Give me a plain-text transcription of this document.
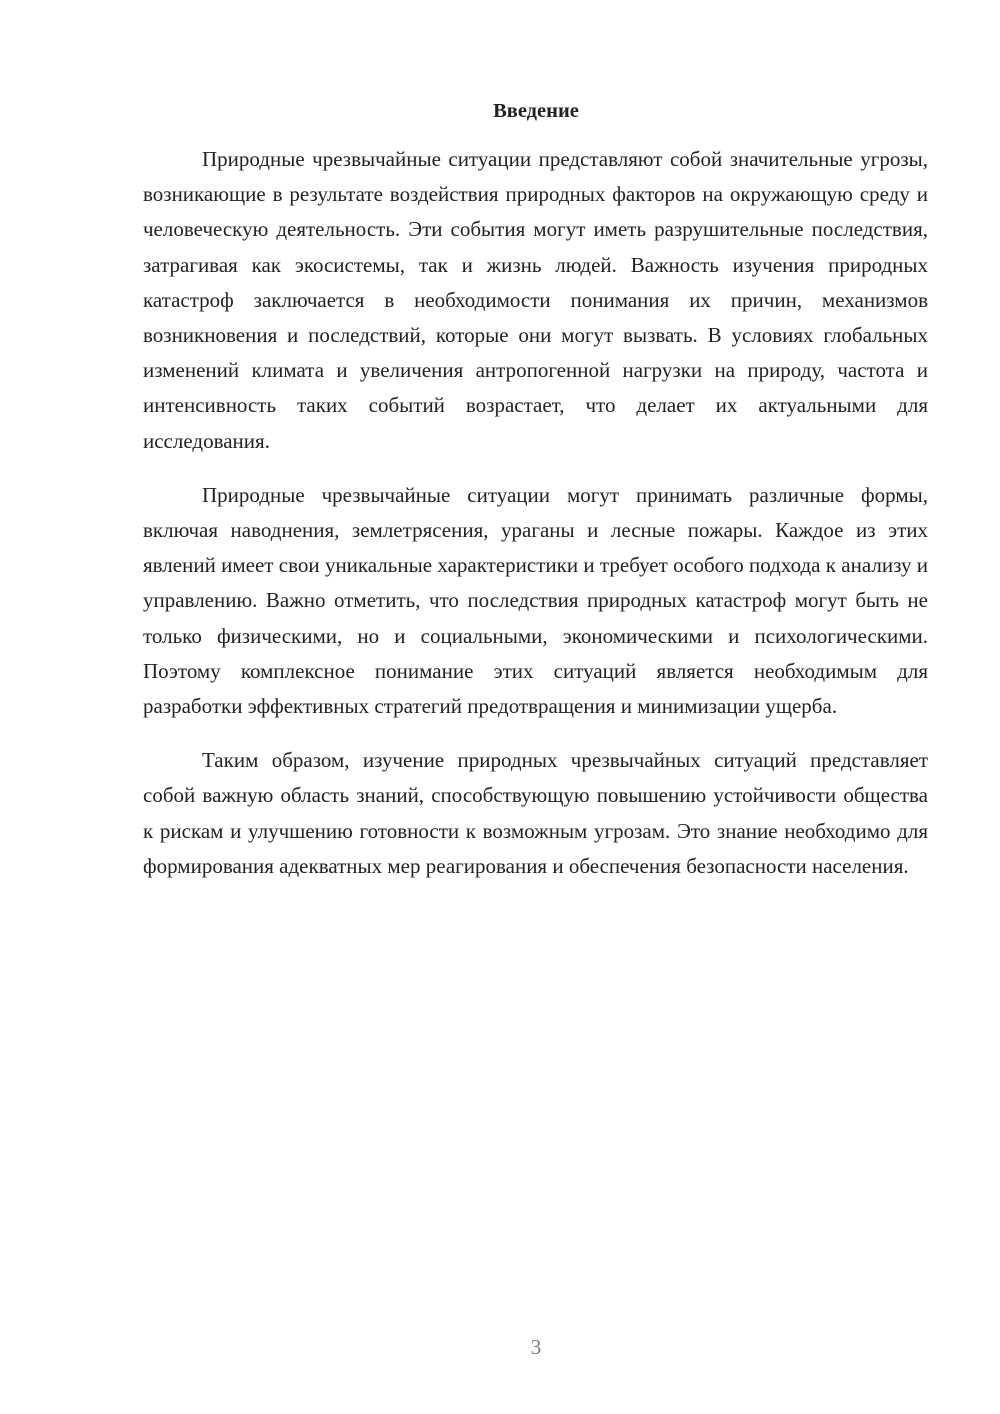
Введение

Природные чрезвычайные ситуации представляют собой значительные угрозы, возникающие в результате воздействия природных факторов на окружающую среду и человеческую деятельность. Эти события могут иметь разрушительные последствия, затрагивая как экосистемы, так и жизнь людей. Важность изучения природных катастроф заключается в необходимости понимания их причин, механизмов возникновения и последствий, которые они могут вызвать. В условиях глобальных изменений климата и увеличения антропогенной нагрузки на природу, частота и интенсивность таких событий возрастает, что делает их актуальными для исследования.

Природные чрезвычайные ситуации могут принимать различные формы, включая наводнения, землетрясения, ураганы и лесные пожары. Каждое из этих явлений имеет свои уникальные характеристики и требует особого подхода к анализу и управлению. Важно отметить, что последствия природных катастроф могут быть не только физическими, но и социальными, экономическими и психологическими. Поэтому комплексное понимание этих ситуаций является необходимым для разработки эффективных стратегий предотвращения и минимизации ущерба.

Таким образом, изучение природных чрезвычайных ситуаций представляет собой важную область знаний, способствующую повышению устойчивости общества к рискам и улучшению готовности к возможным угрозам. Это знание необходимо для формирования адекватных мер реагирования и обеспечения безопасности населения.

3
